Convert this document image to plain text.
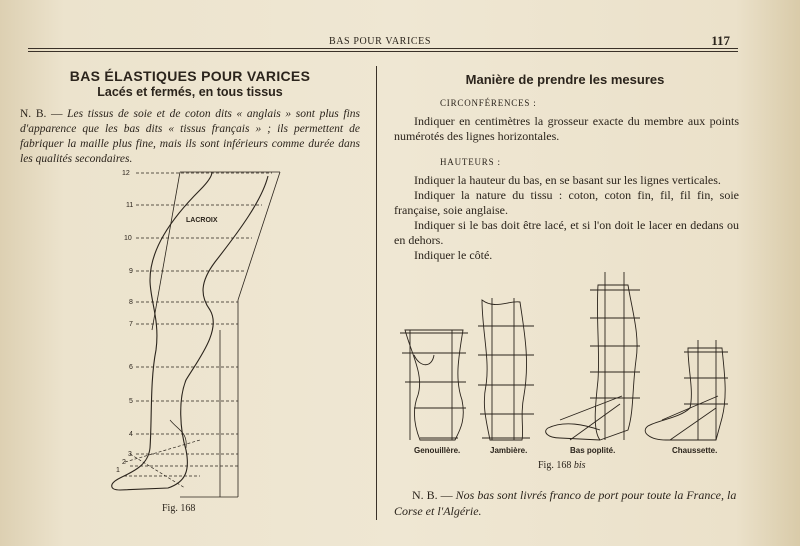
BAS POUR VARICES	117
BAS ÉLASTIQUES POUR VARICES
Lacés et fermés, en tous tissus
N. B. — Les tissus de soie et de coton dits « anglais » sont plus fins d'apparence que les bas dits « tissus français » ; ils permettent de fabriquer la maille plus fine, mais ils sont inférieurs comme durée dans les qualités secondaires.
12
11
10
9
8
7
6
5
4
3
2
1
LACROIX
Fig. 168
Manière de prendre les mesures
CIRCONFÉRENCES :
Indiquer en centimètres la grosseur exacte du membre aux points numérotés des lignes horizontales.
HAUTEURS :
Indiquer la hauteur du bas, en se basant sur les lignes verticales.
Indiquer la nature du tissu : coton, coton fin, fil, fil fin, soie française, soie anglaise.
Indiquer si le bas doit être lacé, et si l'on doit le lacer en dedans ou en dehors.
Indiquer le côté.
Genouillère.	Jambière.	Bas poplité.	Chaussette.
Fig. 168 bis
N. B. — Nos bas sont livrés franco de port pour toute la France, la Corse et l'Algérie.
